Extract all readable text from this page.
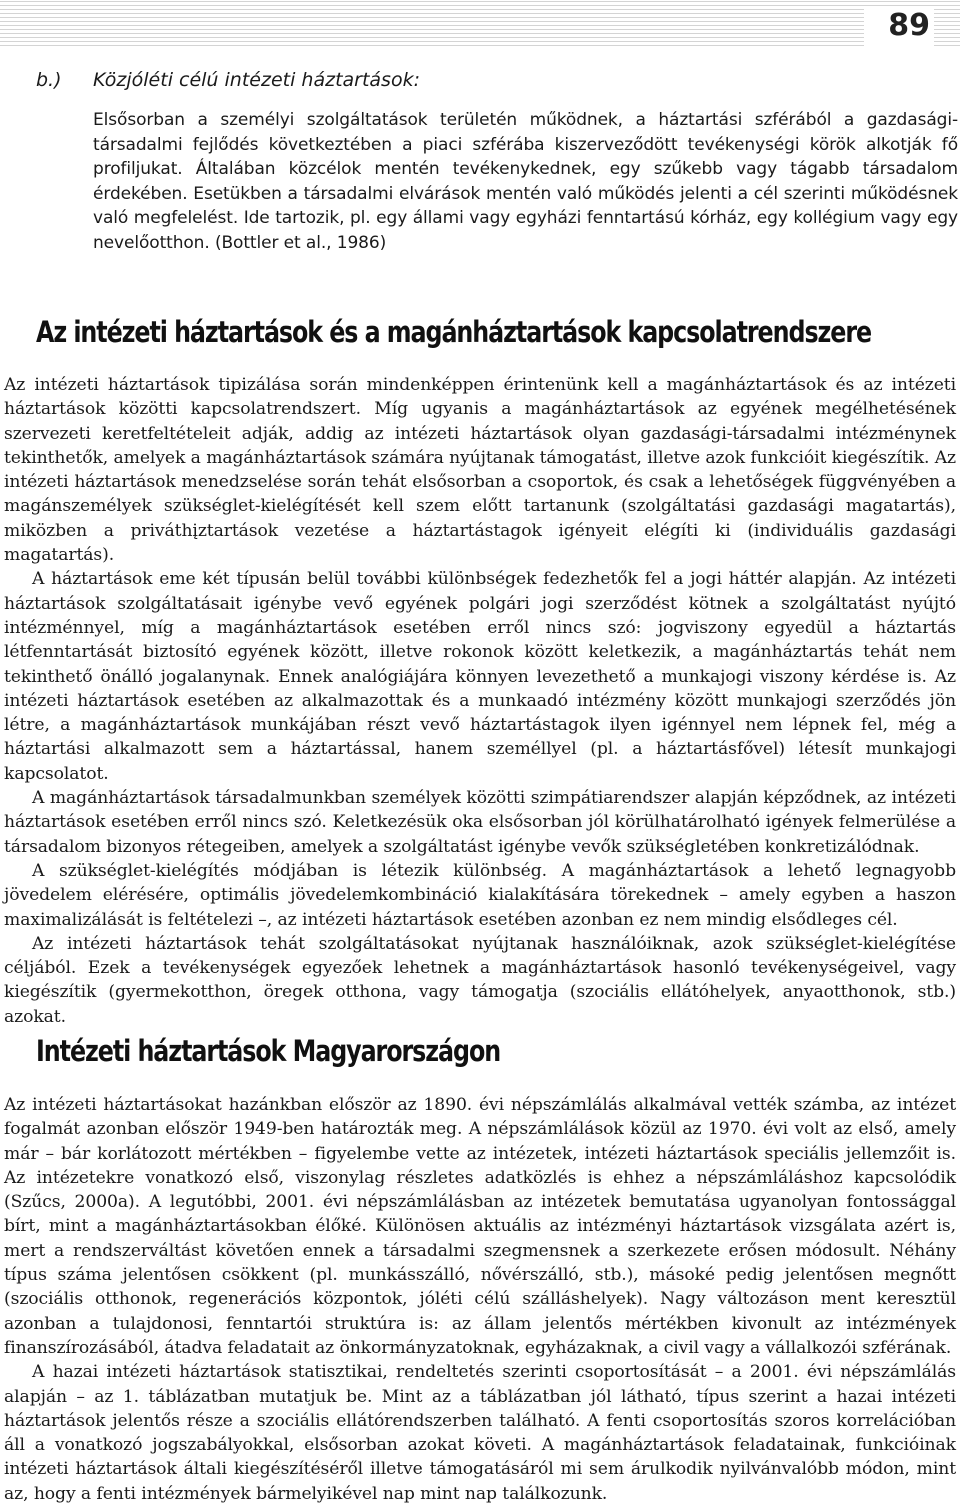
89
b.) Közjóléti célú intézeti háztartások:

Elsősorban a személyi szolgáltatások területén működnek, a háztartási szférából a gazdasági-társadalmi fejlődés következtében a piaci szférába kiszerveződött tevékenységi körök alkotják fő profiljukat. Általában közcélok mentén tevékenykednek, egy szűkebb vagy tágabb társadalom érdekében. Esetükben a társadalmi elvárások mentén való működés jelenti a cél szerinti működésnek való megfelelést. Ide tartozik, pl. egy állami vagy egyházi fenntartású kórház, egy kollégium vagy egy nevelőotthon. (Bottler et al., 1986)

Az intézeti háztartások és a magánháztartások kapcsolatrendszere

Az intézeti háztartások tipizálása során mindenképpen érintenünk kell a magánháztartások és az intézeti háztartások közötti kapcsolatrendszert. Míg ugyanis a magánháztartások az egyének megélhetésének szervezeti keretfeltételeit adják, addig az intézeti háztartások olyan gazdasági-társadalmi intézménynek tekinthetők, amelyek a magánháztartások számára nyújtanak támogatást, illetve azok funkcióit kiegészítik. Az intézeti háztartások menedzselése során tehát elsősorban a csoportok, és csak a lehetőségek függvényében a magánszemélyek szükséglet-kielégítését kell szem előtt tartanunk (szolgáltatási gazdasági magatartás), miközben a priváthįztartások vezetése a háztartástagok igényeit elégíti ki (individuális gazdasági magatartás).

A háztartások eme két típusán belül további különbségek fedezhetők fel a jogi háttér alapján. Az intézeti háztartások szolgáltatásait igénybe vevő egyének polgári jogi szerződést kötnek a szolgáltatást nyújtó intézménnyel, míg a magánháztartások esetében erről nincs szó: jogviszony egyedül a háztartás létfenntartását biztosító egyének között, illetve rokonok között keletkezik, a magánháztartás tehát nem tekinthető önálló jogalanynak. Ennek analógiájára könnyen levezethető a munkajogi viszony kérdése is. Az intézeti háztartások esetében az alkalmazottak és a munkaadó intézmény között munkajogi szerződés jön létre, a magánháztartások munkájában részt vevő háztartástagok ilyen igénnyel nem lépnek fel, még a háztartási alkalmazott sem a háztartással, hanem személlyel (pl. a háztartásfővel) létesít munkajogi kapcsolatot.

A magánháztartások társadalmunkban személyek közötti szimpátiarendszer alapján képződnek, az intézeti háztartások esetében erről nincs szó. Keletkezésük oka elsősorban jól körülhatárolható igények felmerülése a társadalom bizonyos rétegeiben, amelyek a szolgáltatást igénybe vevők szükségletében konkretizálódnak.

A szükséglet-kielégítés módjában is létezik különbség. A magánháztartások a lehető legnagyobb jövedelem elérésére, optimális jövedelemkombináció kialakítására törekednek – amely egyben a haszon maximalizálását is feltételezi –, az intézeti háztartások esetében azonban ez nem mindig elsődleges cél.

Az intézeti háztartások tehát szolgáltatásokat nyújtanak használóiknak, azok szükséglet-kielégítése céljából. Ezek a tevékenységek egyezőek lehetnek a magánháztartások hasonló tevékenységeivel, vagy kiegészítik (gyermekotthon, öregek otthona, vagy támogatja (szociális ellátóhelyek, anyaotthonok, stb.) azokat.

Intézeti háztartások Magyarországon

Az intézeti háztartásokat hazánkban először az 1890. évi népszámlálás alkalmával vették számba, az intézet fogalmát azonban először 1949-ben határozták meg. A népszámlálások közül az 1970. évi volt az első, amely már – bár korlátozott mértékben – figyelembe vette az intézetek, intézeti háztartások speciális jellemzőit is. Az intézetekre vonatkozó első, viszonylag részletes adatközlés is ehhez a népszámláláshoz kapcsolódik (Szűcs, 2000a). A legutóbbi, 2001. évi népszámlálásban az intézetek bemutatása ugyanolyan fontossággal bírt, mint a magánháztartásokban élőké. Különösen aktuális az intézményi háztartások vizsgálata azért is, mert a rendszerváltást követően ennek a társadalmi szegmensnek a szerkezete erősen módosult. Néhány típus száma jelentősen csökkent (pl. munkásszálló, nővérszálló, stb.), másoké pedig jelentősen megnőtt (szociális otthonok, regenerációs központok, jóléti célú szálláshelyek). Nagy változáson ment keresztül azonban a tulajdonosi, fenntartói struktúra is: az állam jelentős mértékben kivonult az intézmények finanszírozásából, átadva feladatait az önkormányzatoknak, egyházaknak, a civil vagy a vállalkozói szférának.

A hazai intézeti háztartások statisztikai, rendeltetés szerinti csoportosítását – a 2001. évi népszámlálás alapján – az 1. táblázatban mutatjuk be. Mint az a táblázatban jól látható, típus szerint a hazai intézeti háztartások jelentős része a szociális ellátórendszerben található. A fenti csoportosítás szoros korrelációban áll a vonatkozó jogszabályokkal, elsősorban azokat követi. A magánháztartások feladatainak, funkcióinak intézeti háztartások általi kiegészítéséről illetve támogatásáról mi sem árulkodik nyilvánvalóbb módon, mint az, hogy a fenti intézmények bármelyikével nap mint nap találkozunk.
